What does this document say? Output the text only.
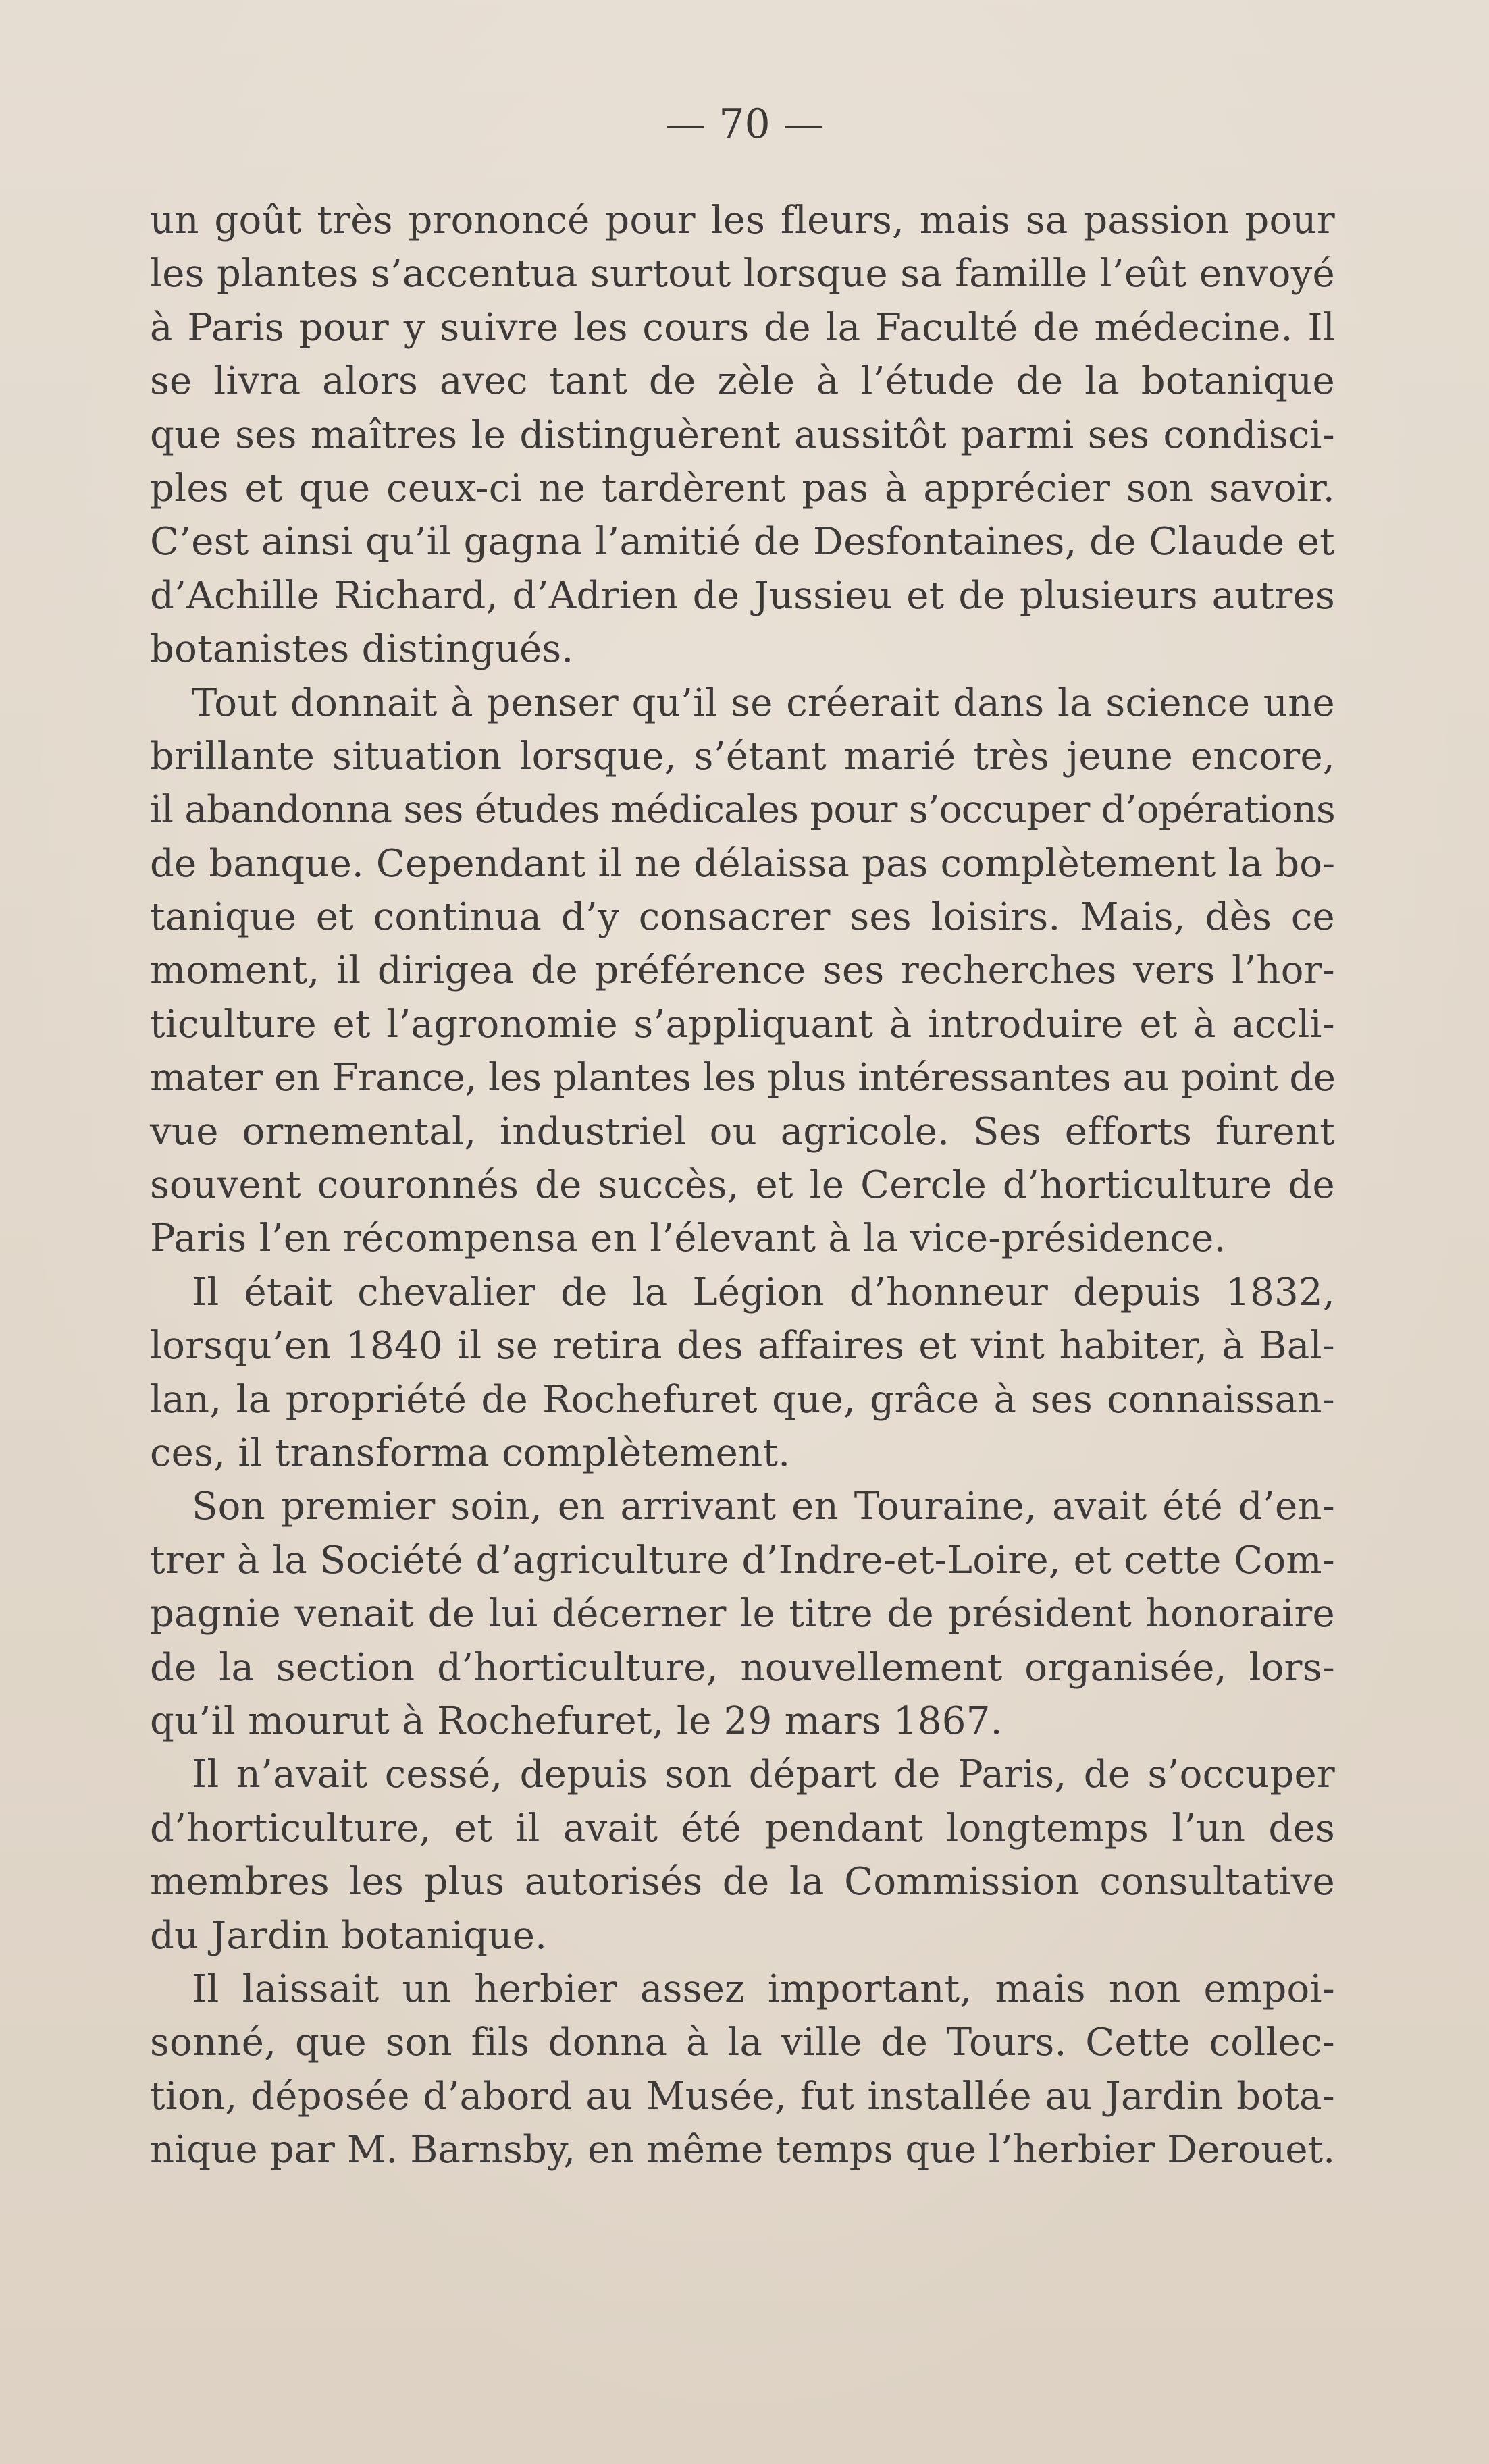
— 70 —
un goût très prononcé pour les fleurs, mais sa passion pour
les plantes s’accentua surtout lorsque sa famille l’eût envoyé
à Paris pour y suivre les cours de la Faculté de médecine. Il
se livra alors avec tant de zèle à l’étude de la botanique
que ses maîtres le distinguèrent aussitôt parmi ses condisci-
ples et que ceux-ci ne tardèrent pas à apprécier son savoir.
C’est ainsi qu’il gagna l’amitié de Desfontaines, de Claude et
d’Achille Richard, d’Adrien de Jussieu et de plusieurs autres
botanistes distingués.
Tout donnait à penser qu’il se créerait dans la science une
brillante situation lorsque, s’étant marié très jeune encore,
il abandonna ses études médicales pour s’occuper d’opérations
de banque. Cependant il ne délaissa pas complètement la bo-
tanique et continua d’y consacrer ses loisirs. Mais, dès ce
moment, il dirigea de préférence ses recherches vers l’hor-
ticulture et l’agronomie s’appliquant à introduire et à accli-
mater en France, les plantes les plus intéressantes au point de
vue ornemental, industriel ou agricole. Ses efforts furent
souvent couronnés de succès, et le Cercle d’horticulture de
Paris l’en récompensa en l’élevant à la vice-présidence.
Il était chevalier de la Légion d’honneur depuis 1832,
lorsqu’en 1840 il se retira des affaires et vint habiter, à Bal-
lan, la propriété de Rochefuret que, grâce à ses connaissan-
ces, il transforma complètement.
Son premier soin, en arrivant en Touraine, avait été d’en-
trer à la Société d’agriculture d’Indre-et-Loire, et cette Com-
pagnie venait de lui décerner le titre de président honoraire
de la section d’horticulture, nouvellement organisée, lors-
qu’il mourut à Rochefuret, le 29 mars 1867.
Il n’avait cessé, depuis son départ de Paris, de s’occuper
d’horticulture, et il avait été pendant longtemps l’un des
membres les plus autorisés de la Commission consultative
du Jardin botanique.
Il laissait un herbier assez important, mais non empoi-
sonné, que son fils donna à la ville de Tours. Cette collec-
tion, déposée d’abord au Musée, fut installée au Jardin bota-
nique par M. Barnsby, en même temps que l’herbier Derouet.
